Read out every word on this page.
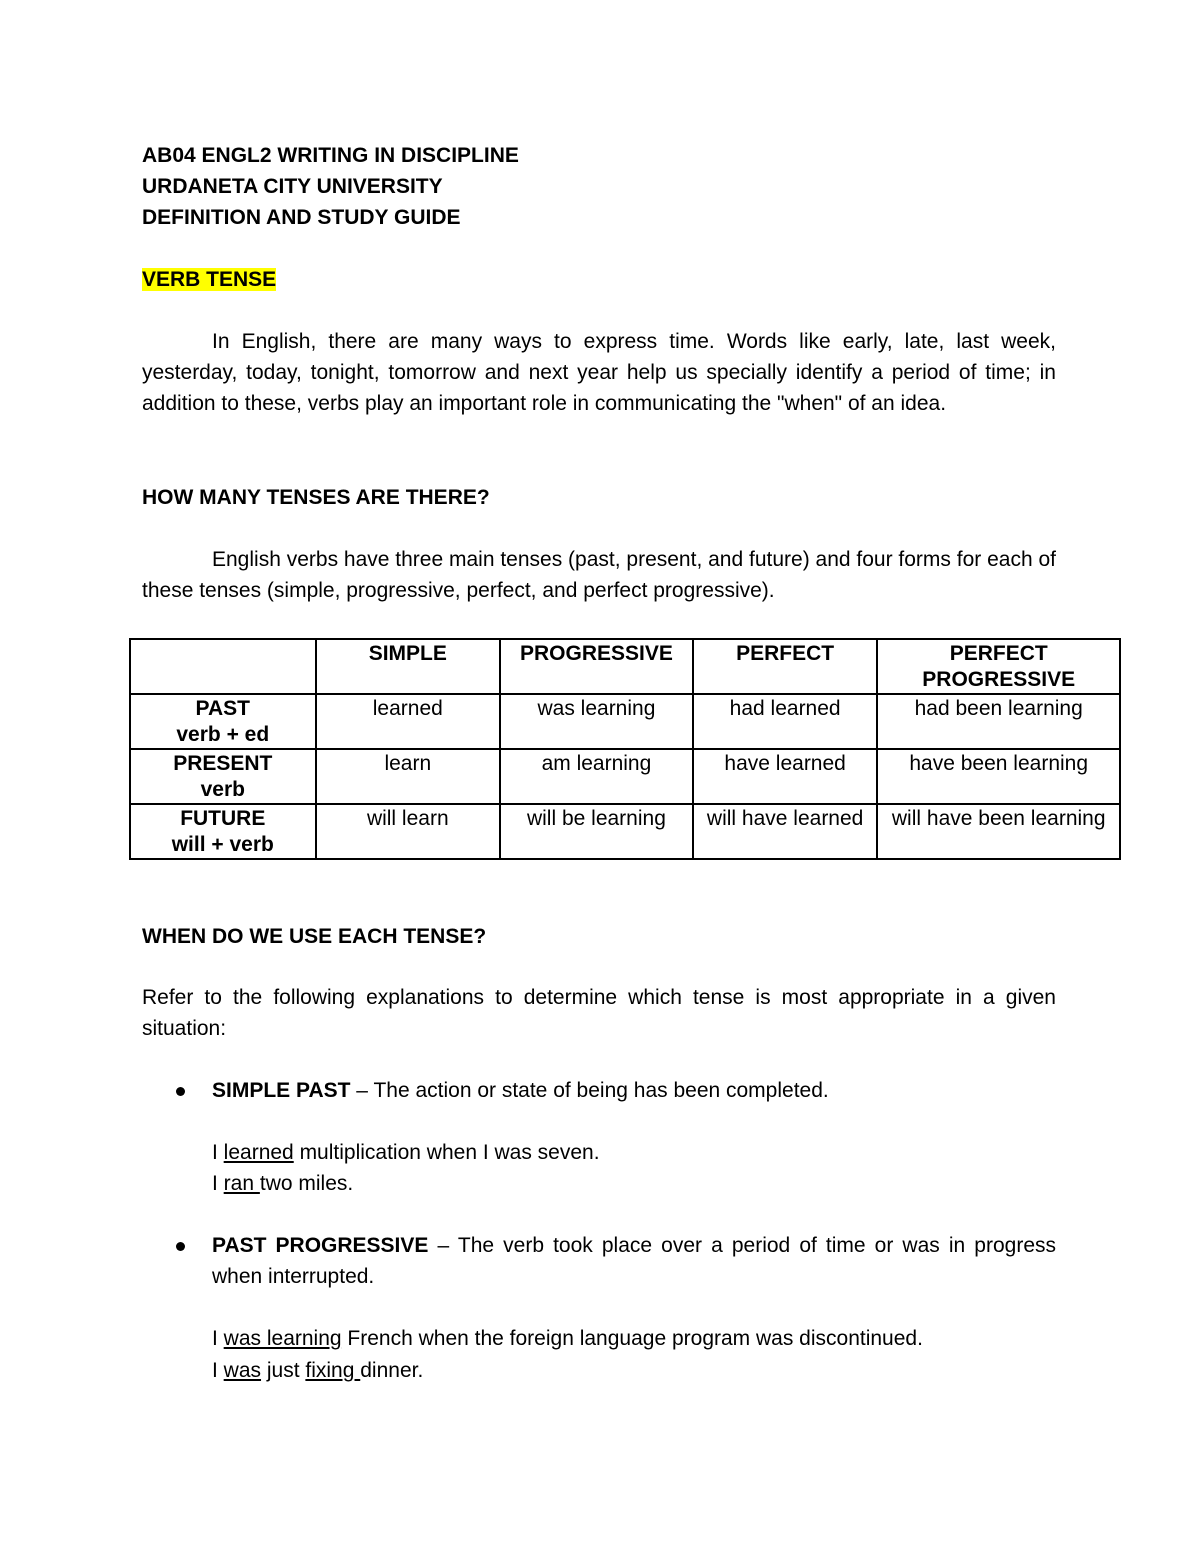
AB04 ENGL2 WRITING IN DISCIPLINE
URDANETA CITY UNIVERSITY
DEFINITION AND STUDY GUIDE
VERB TENSE
In English, there are many ways to express time. Words like early, late, last week, yesterday, today, tonight, tomorrow and next year help us specially identify a period of time; in addition to these, verbs play an important role in communicating the "when" of an idea.
HOW MANY TENSES ARE THERE?
English verbs have three main tenses (past, present, and future) and four forms for each of these tenses (simple, progressive, perfect, and perfect progressive).
	SIMPLE	PROGRESSIVE	PERFECT	PERFECT PROGRESSIVE

PAST
verb + ed	learned	was learning	had learned	had been learning

PRESENT
verb	learn	am learning	have learned	have been learning

FUTURE
will + verb	will learn	will be learning	will have learned	will have been learning
WHEN DO WE USE EACH TENSE?
Refer to the following explanations to determine which tense is most appropriate in a given situation:
SIMPLE PAST – The action or state of being has been completed.
I learned multiplication when I was seven.
I ran two miles.
PAST PROGRESSIVE – The verb took place over a period of time or was in progress when interrupted.
I was learning French when the foreign language program was discontinued.
I was just fixing dinner.
